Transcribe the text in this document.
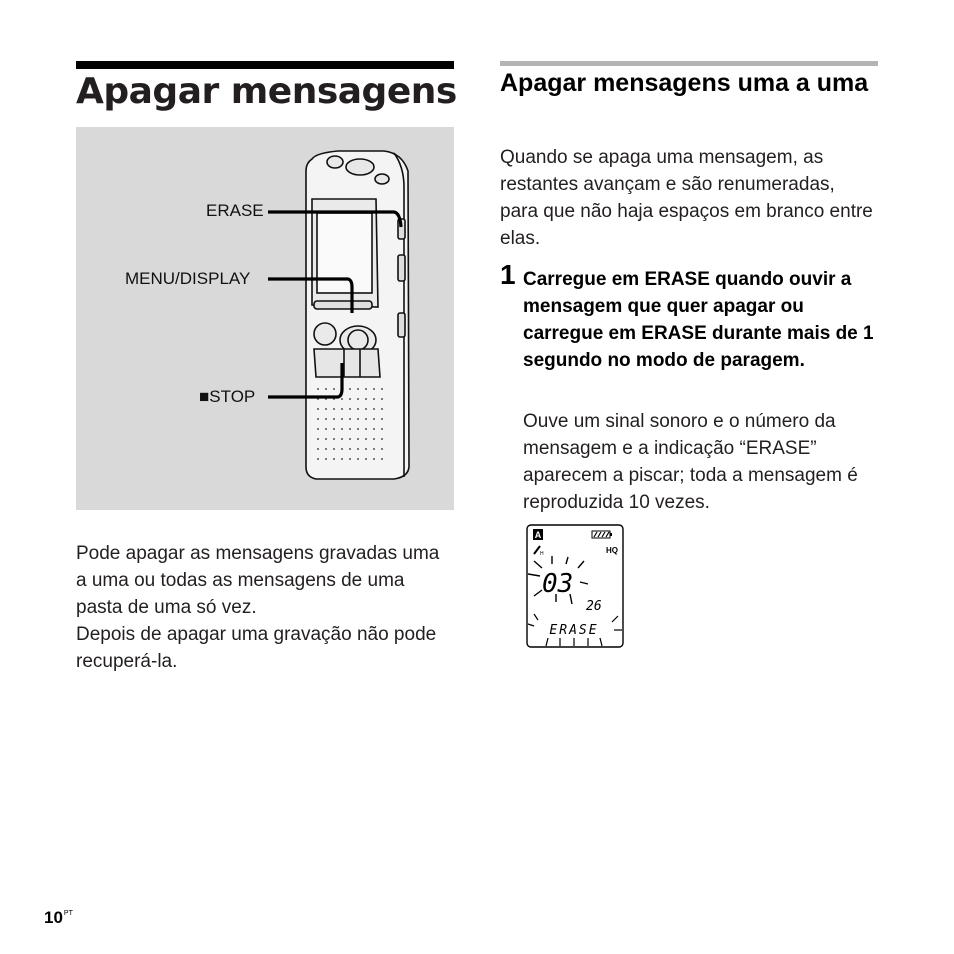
Apagar mensagens
ERASE
MENU/DISPLAY
■STOP

Pode apagar as mensagens gravadas uma a uma ou todas as mensagens de uma pasta de uma só vez.

Depois de apagar uma gravação não pode recuperá-la.

Apagar mensagens uma a uma
Quando se apaga uma mensagem, as restantes avançam e são renumeradas, para que não haja espaços em branco entre elas.
1 Carregue em ERASE quando ouvir a mensagem que quer apagar ou carregue em ERASE durante mais de 1 segundo no modo de paragem.
Ouve um sinal sonoro e o número da mensagem e a indicação “ERASE” aparecem a piscar; toda a mensagem é reproduzida 10 vezes.
A
H	HQ
03
26
ERASE
$10^{PT}$
